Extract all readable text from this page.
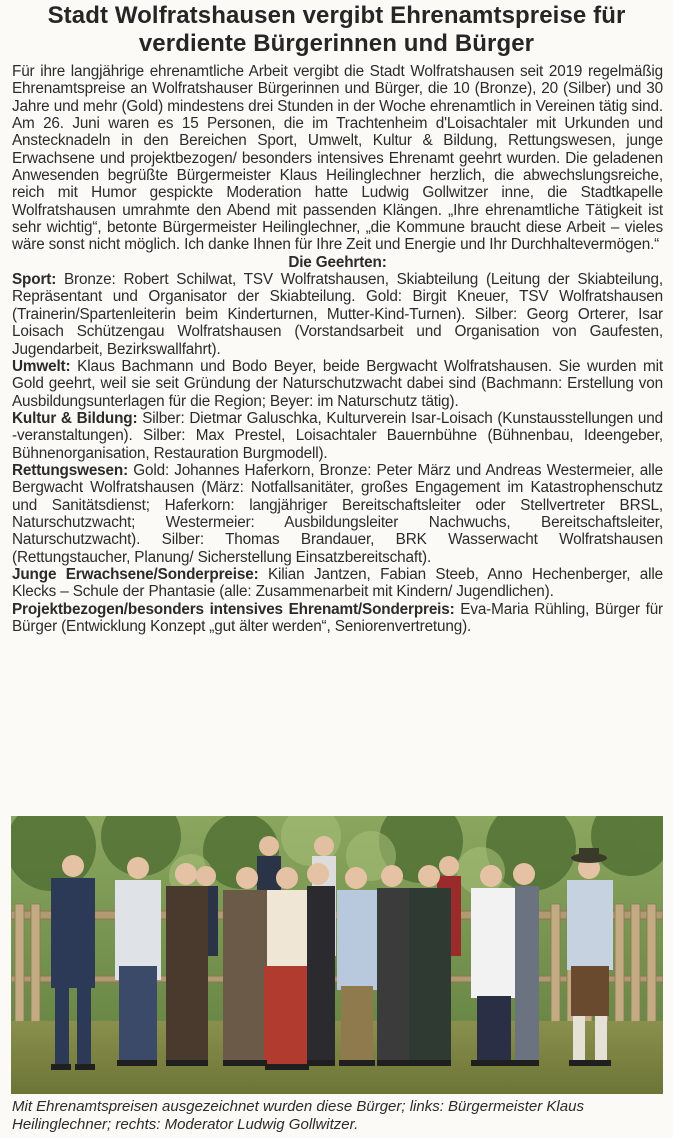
Stadt Wolfratshausen vergibt Ehrenamtspreise für verdiente Bürgerinnen und Bürger

Für ihre langjährige ehrenamtliche Arbeit vergibt die Stadt Wolfratshausen seit 2019 regelmäßig Ehrenamtspreise an Wolfratshauser Bürgerinnen und Bürger, die 10 (Bronze), 20 (Silber) und 30 Jahre und mehr (Gold) mindestens drei Stunden in der Woche ehrenamtlich in Vereinen tätig sind. Am 26. Juni waren es 15 Personen, die im Trachtenheim d'Loisachtaler mit Urkunden und Anstecknadeln in den Bereichen Sport, Umwelt, Kultur & Bildung, Rettungswesen, junge Erwachsene und projektbezogen/ besonders intensives Ehrenamt geehrt wurden. Die geladenen Anwesenden begrüßte Bürgermeister Klaus Heilinglechner herzlich, die abwechslungsreiche, reich mit Humor gespickte Moderation hatte Ludwig Gollwitzer inne, die Stadtkapelle Wolfratshausen umrahmte den Abend mit passenden Klängen. „Ihre ehrenamtliche Tätigkeit ist sehr wichtig“, betonte Bürgermeister Heilinglechner, „die Kommune braucht diese Arbeit – vieles wäre sonst nicht möglich. Ich danke Ihnen für Ihre Zeit und Energie und Ihr Durchhaltevermögen.“

Die Geehrten:

Sport: Bronze: Robert Schilwat, TSV Wolfratshausen, Skiabteilung (Leitung der Skiabteilung, Repräsentant und Organisator der Skiabteilung. Gold: Birgit Kneuer, TSV Wolfratshausen (Trainerin/Spartenleiterin beim Kinderturnen, Mutter-Kind-Turnen). Silber: Georg Orterer, Isar Loisach Schützengau Wolfratshausen (Vorstandsarbeit und Organisation von Gaufesten, Jugendarbeit, Bezirkswallfahrt).

Umwelt: Klaus Bachmann und Bodo Beyer, beide Bergwacht Wolfratshausen. Sie wurden mit Gold geehrt, weil sie seit Gründung der Naturschutzwacht dabei sind (Bachmann: Erstellung von Ausbildungsunterlagen für die Region; Beyer: im Naturschutz tätig).

Kultur & Bildung: Silber: Dietmar Galuschka, Kulturverein Isar-Loisach (Kunstausstellungen und -veranstaltungen). Silber: Max Prestel, Loisachtaler Bauernbühne (Bühnenbau, Ideengeber, Bühnenorganisation, Restauration Burgmodell).

Rettungswesen: Gold: Johannes Haferkorn, Bronze: Peter März und Andreas Westermeier, alle Bergwacht Wolfratshausen (März: Notfallsanitäter, großes Engagement im Katastrophenschutz und Sanitätsdienst; Haferkorn: langjähriger Bereitschaftsleiter oder Stellvertreter BRSL, Naturschutzwacht; Westermeier: Ausbildungsleiter Nachwuchs, Bereitschaftsleiter, Naturschutzwacht). Silber: Thomas Brandauer, BRK Wasserwacht Wolfratshausen (Rettungstaucher, Planung/ Sicherstellung Einsatzbereitschaft).

Junge Erwachsene/Sonderpreise: Kilian Jantzen, Fabian Steeb, Anno Hechenberger, alle Klecks – Schule der Phantasie (alle: Zusammenarbeit mit Kindern/ Jugendlichen).

Projektbezogen/besonders intensives Ehrenamt/Sonderpreis: Eva-Maria Rühling, Bürger für Bürger (Entwicklung Konzept „gut älter werden“, Seniorenvertretung).

Mit Ehrenamtspreisen ausgezeichnet wurden diese Bürger; links: Bürgermeister Klaus Heilinglechner; rechts: Moderator Ludwig Gollwitzer.
